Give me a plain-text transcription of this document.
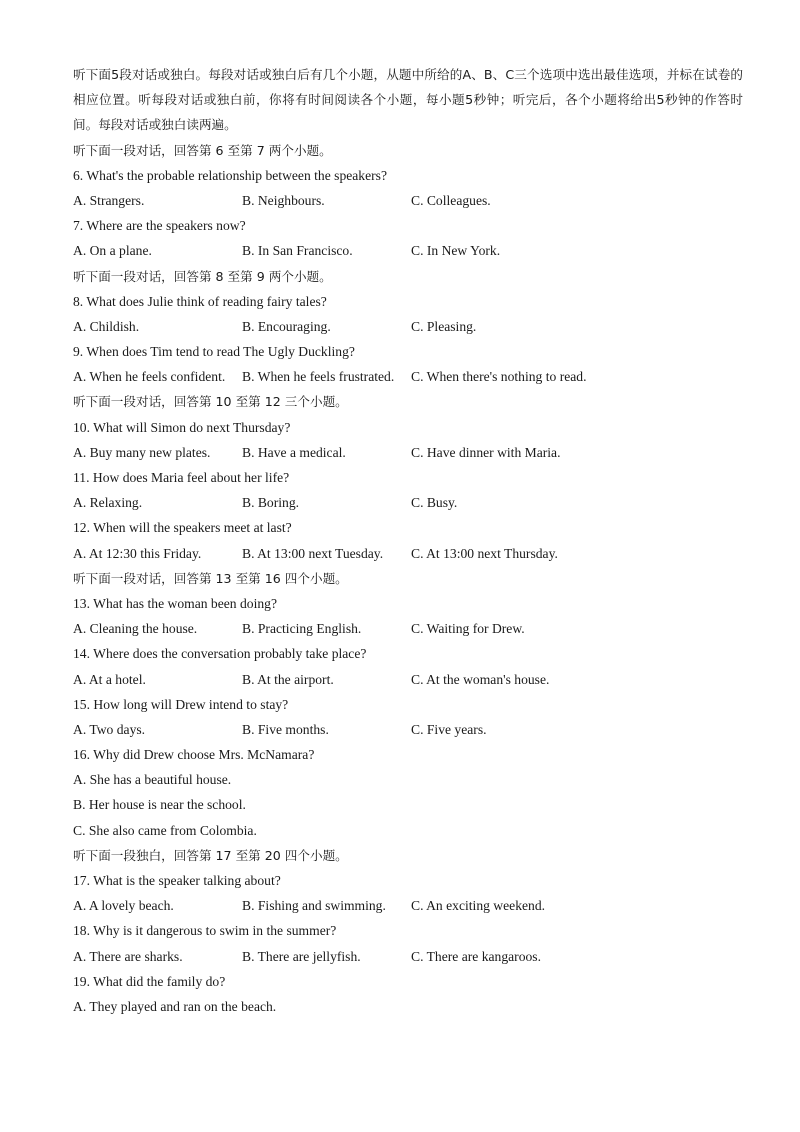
听下面5段对话或独白。每段对话或独白后有几个小题，从题中所给的A、B、C三个选项中选出最佳选项，并标在试卷的相应位置。听每段对话或独白前，你将有时间阅读各个小题，每小题5秒钟；听完后，各个小题将给出5秒钟的作答时间。每段对话或独白读两遍。

听下面一段对话，回答第 6 至第 7 两个小题。
6. What's the probable relationship between the speakers?
A. Strangers.	B. Neighbours.	C. Colleagues.
7. Where are the speakers now?
A. On a plane.	B. In San Francisco.	C. In New York.
听下面一段对话，回答第 8 至第 9 两个小题。
8. What does Julie think of reading fairy tales?
A. Childish.	B. Encouraging.	C. Pleasing.
9. When does Tim tend to read The Ugly Duckling?
A. When he feels confident. B. When he feels frustrated. C. When there's nothing to read.
听下面一段对话，回答第 10 至第 12 三个小题。
10. What will Simon do next Thursday?
A. Buy many new plates. B. Have a medical.	C. Have dinner with Maria.
11. How does Maria feel about her life?
A. Relaxing.	B. Boring.	C. Busy.
12. When will the speakers meet at last?
A. At 12:30 this Friday.	B. At 13:00 next Tuesday. C. At 13:00 next Thursday.
听下面一段对话，回答第 13 至第 16 四个小题。
13. What has the woman been doing?
A. Cleaning the house.	B. Practicing English.	C. Waiting for Drew.
14. Where does the conversation probably take place?
A. At a hotel.	B. At the airport.	C. At the woman's house.
15. How long will Drew intend to stay?
A. Two days.	B. Five months.	C. Five years.
16. Why did Drew choose Mrs. McNamara?
A. She has a beautiful house.
B. Her house is near the school.
C. She also came from Colombia.
听下面一段独白，回答第 17 至第 20 四个小题。
17. What is the speaker talking about?
A. A lovely beach.	B. Fishing and swimming. C. An exciting weekend.
18. Why is it dangerous to swim in the summer?
A. There are sharks.	B. There are jellyfish.	C. There are kangaroos.
19. What did the family do?
A. They played and ran on the beach.
